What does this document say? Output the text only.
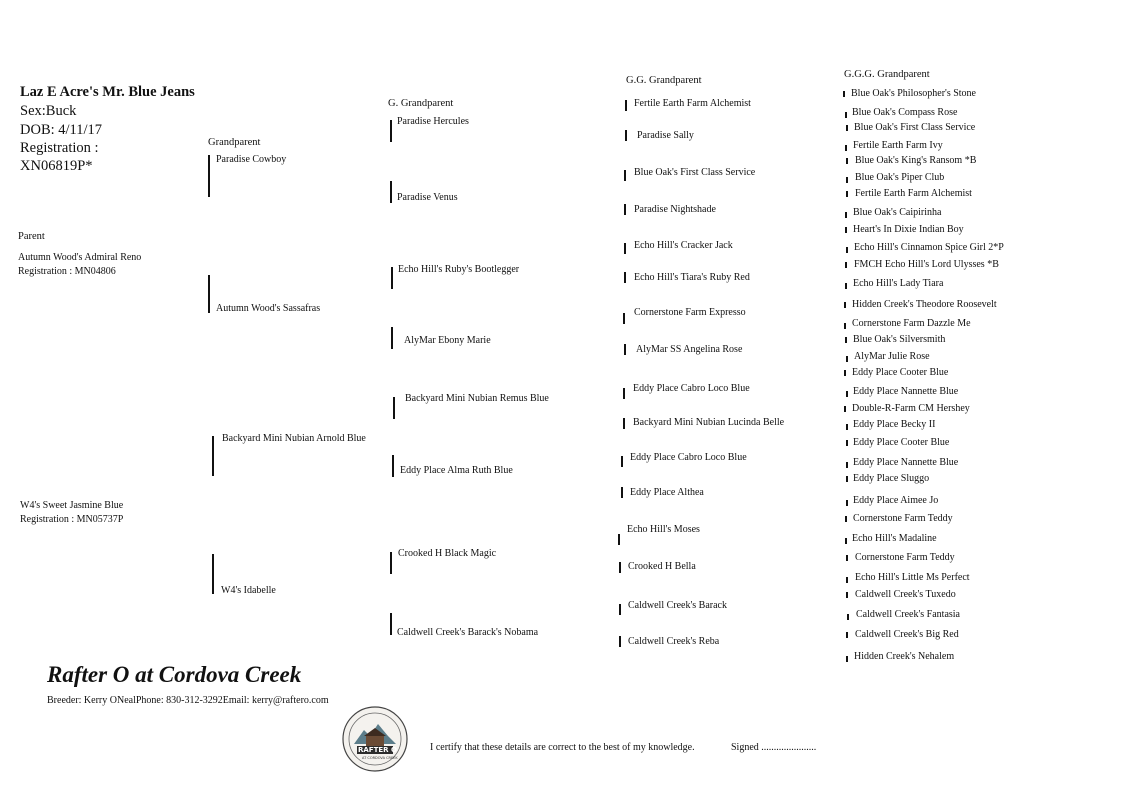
Laz E Acre's Mr. Blue Jeans
Sex:Buck
DOB: 4/11/17
Registration :
XN06819P*
Parent
Grandparent
G. Grandparent
G.G. Grandparent
G.G.G. Grandparent
Autumn Wood's Admiral Reno
Registration : MN04806
W4's Sweet Jasmine Blue
Registration : MN05737P
Paradise Cowboy
Autumn Wood's Sassafras
Backyard Mini Nubian Arnold Blue
W4's Idabelle
Paradise Hercules
Paradise Venus
Echo Hill's Ruby's Bootlegger
AlyMar Ebony Marie
Backyard Mini Nubian Remus Blue
Eddy Place Alma Ruth Blue
Crooked H Black Magic
Caldwell Creek's Barack's Nobama
Fertile Earth Farm Alchemist
Paradise Sally
Blue Oak's First Class Service
Paradise Nightshade
Echo Hill's Cracker Jack
Echo Hill's Tiara's Ruby Red
Cornerstone Farm Expresso
AlyMar SS Angelina Rose
Eddy Place Cabro Loco Blue
Backyard Mini Nubian Lucinda Belle
Eddy Place Cabro Loco Blue
Eddy Place Althea
Echo Hill's Moses
Crooked H Bella
Caldwell Creek's Barack
Caldwell Creek's Reba
Blue Oak's Philosopher's Stone
Blue Oak's Compass Rose
Blue Oak's First Class Service
Fertile Earth Farm Ivy
Blue Oak's King's Ransom *B
Blue Oak's Piper Club
Fertile Earth Farm Alchemist
Blue Oak's Caipirinha
Heart's In Dixie Indian Boy
Echo Hill's Cinnamon Spice Girl 2*P
FMCH Echo Hill's Lord Ulysses *B
Echo Hill's Lady Tiara
Hidden Creek's Theodore Roosevelt
Cornerstone Farm Dazzle Me
Blue Oak's Silversmith
AlyMar Julie Rose
Eddy Place Cooter Blue
Eddy Place Nannette Blue
Double-R-Farm CM Hershey
Eddy Place Becky II
Eddy Place Cooter Blue
Eddy Place Nannette Blue
Eddy Place Sluggo
Eddy Place Aimee Jo
Cornerstone Farm Teddy
Echo Hill's Madaline
Cornerstone Farm Teddy
Echo Hill's Little Ms Perfect
Caldwell Creek's Tuxedo
Caldwell Creek's Fantasia
Caldwell Creek's Big Red
Hidden Creek's Nehalem
Rafter O at Cordova Creek
Breeder: Kerry ONealPhone: 830-312-3292Email: kerry@raftero.com
RAFTER O
AT CORDOVA CREEK
I certify that these details are correct to the best of my knowledge.	Signed ......................
